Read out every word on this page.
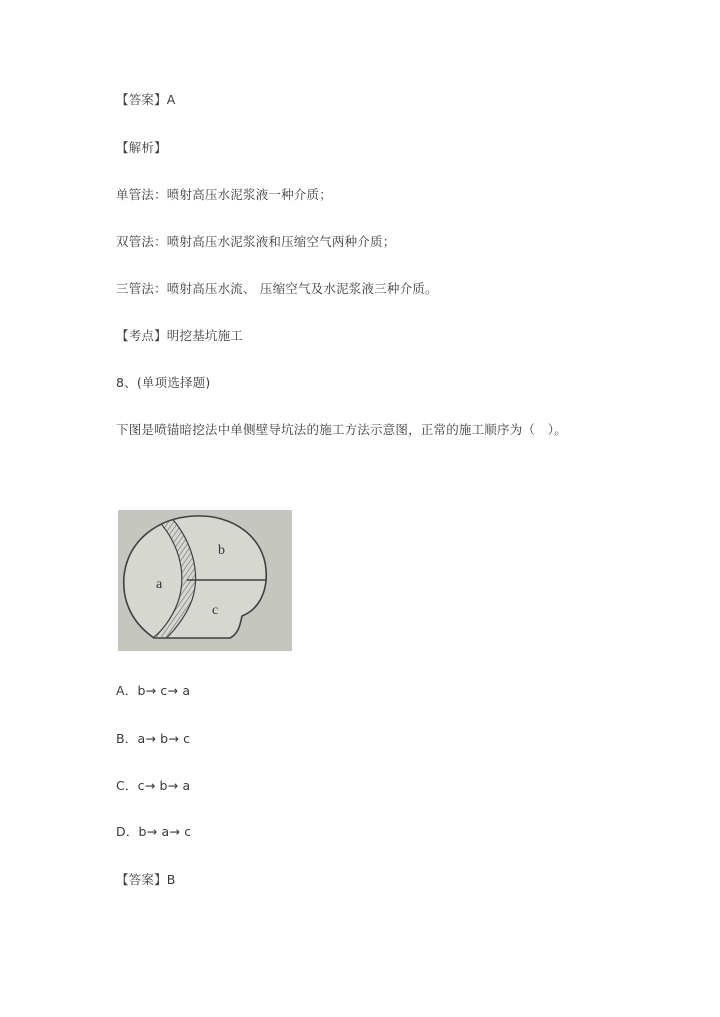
【答案】A
【解析】
单管法：喷射高压水泥浆液一种介质；
双管法：喷射高压水泥浆液和压缩空气两种介质；
三管法：喷射高压水流、 压缩空气及水泥浆液三种介质。
【考点】明挖基坑施工
8、(单项选择题)
下图是喷锚暗挖法中单侧壁导坑法的施工方法示意图，正常的施工顺序为（　）。
a
b
c
A．b→ c→ a
B．a→ b→ c
C．c→ b→ a
D．b→ a→ c
【答案】B
